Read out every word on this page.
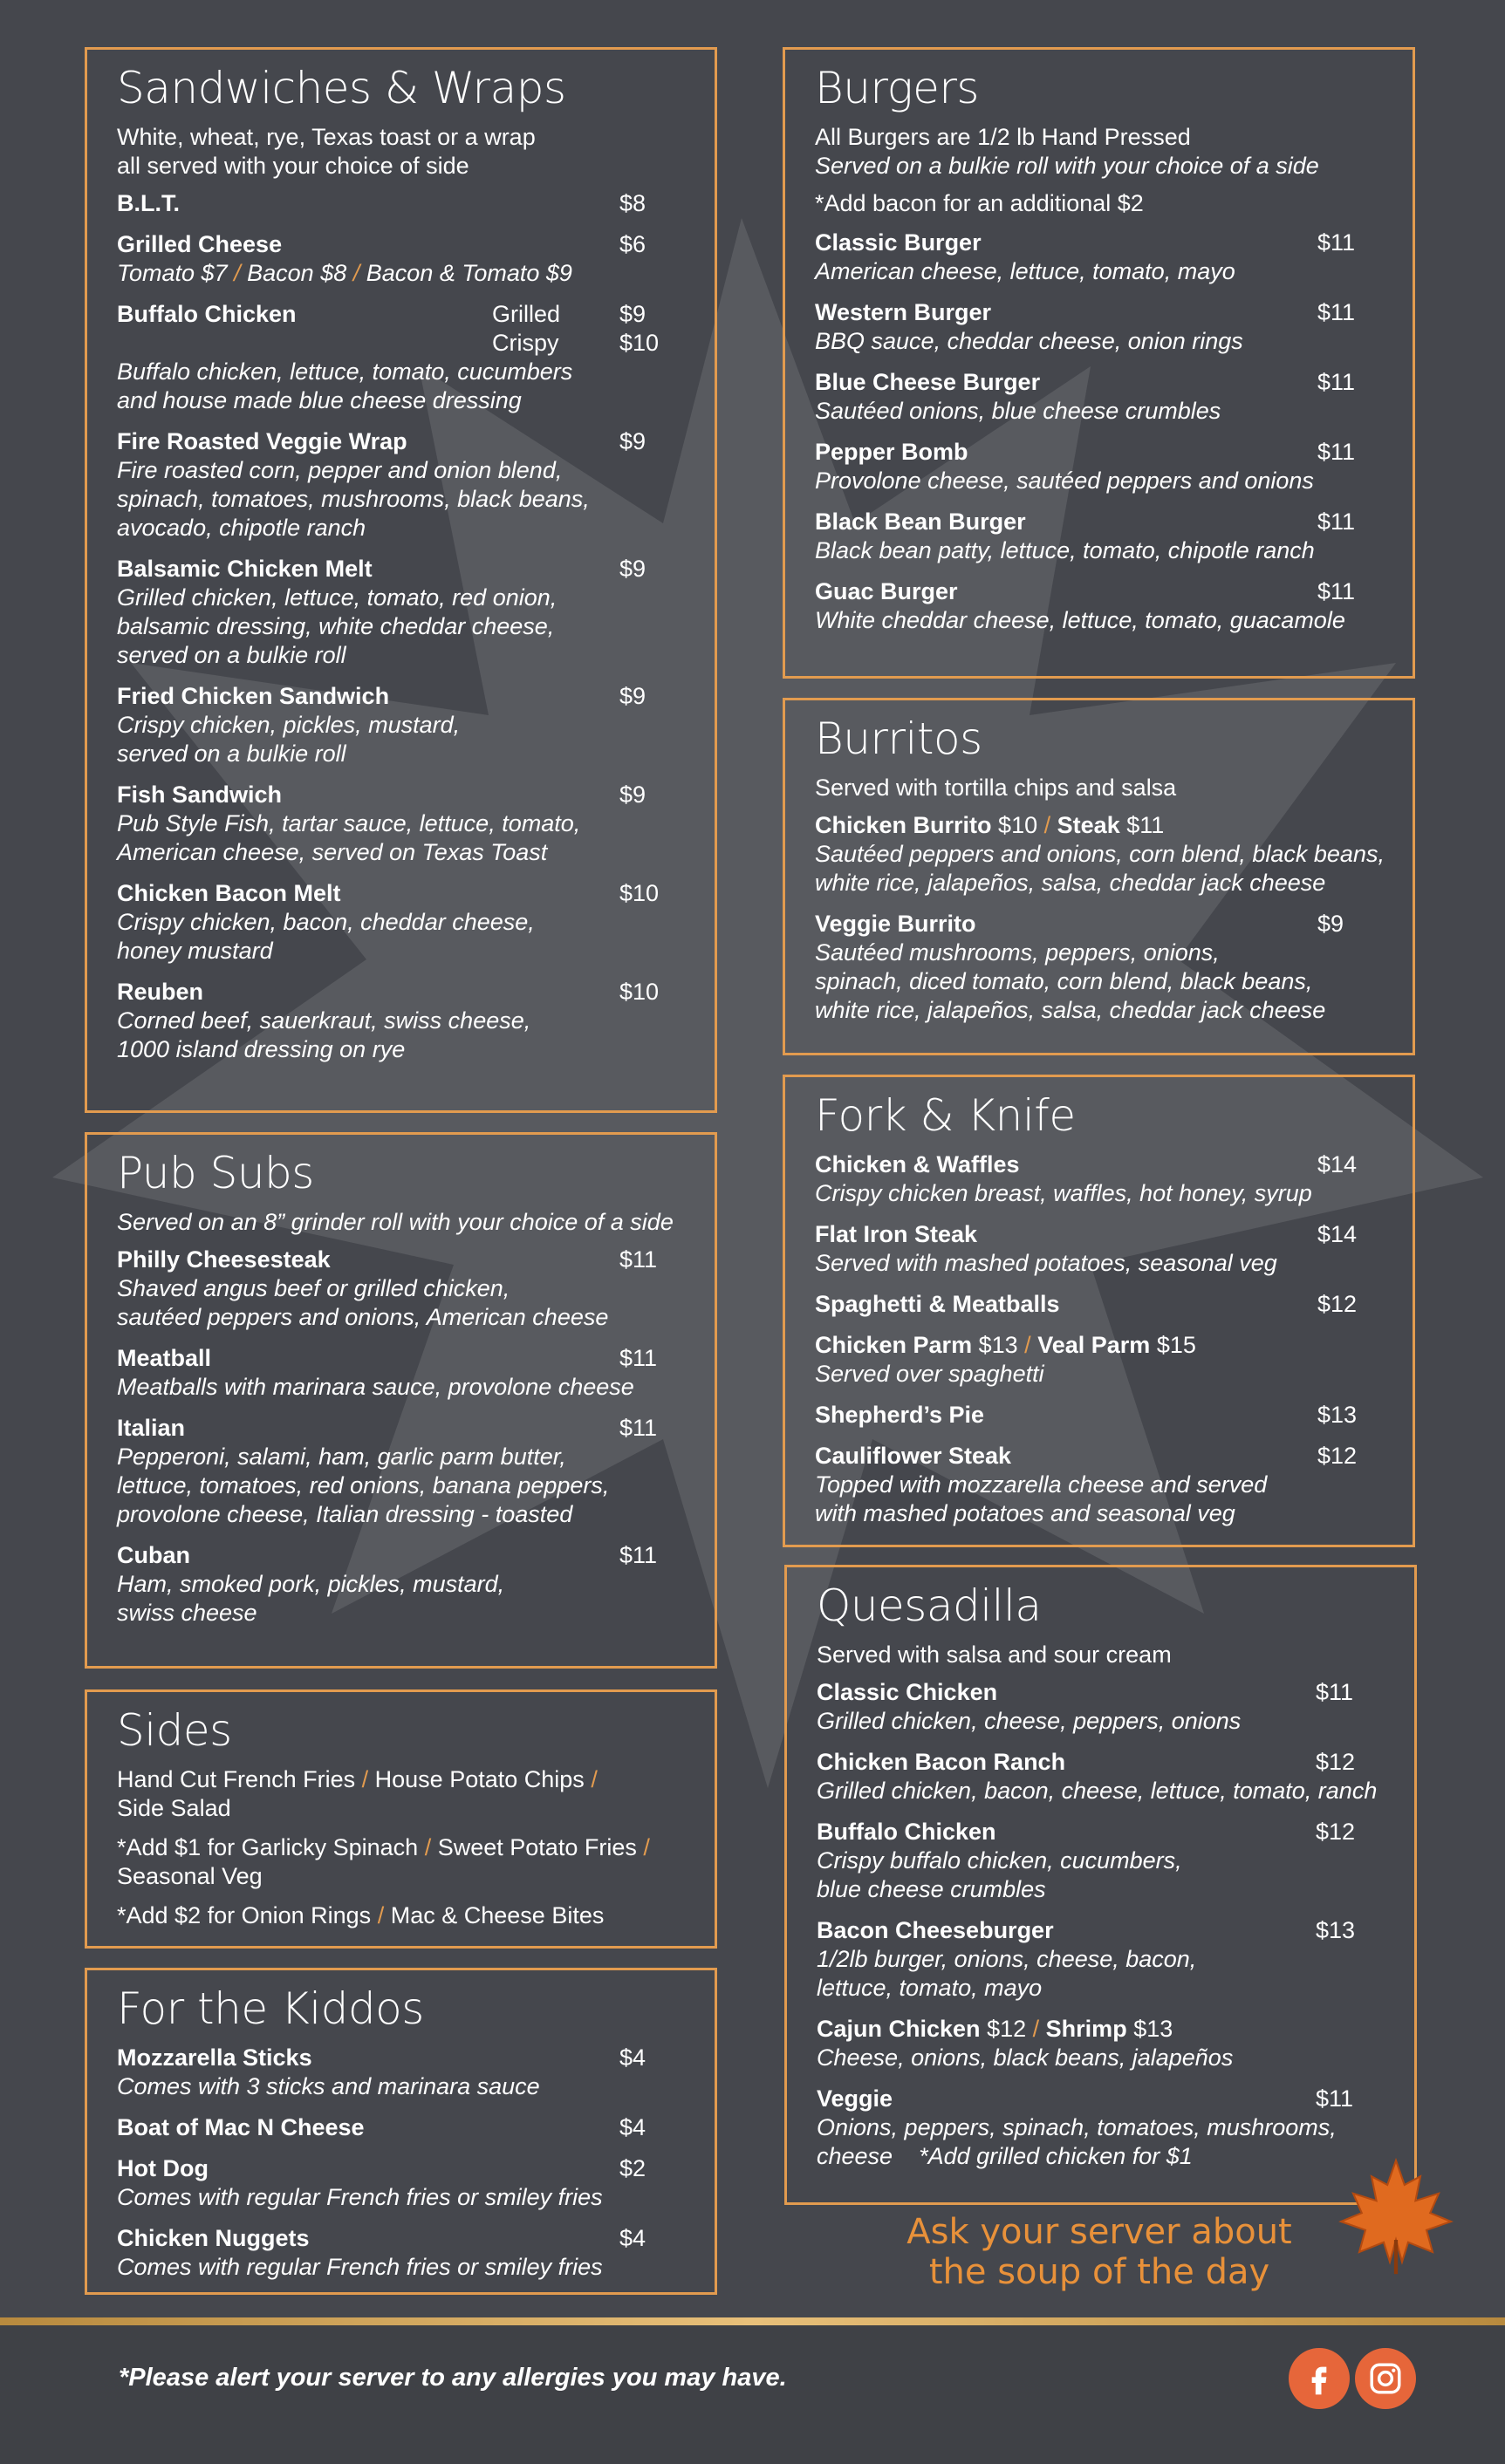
Sandwiches & Wraps
White, wheat, rye, Texas toast or a wrap
all served with your choice of side
B.L.T.	$8
Grilled Cheese	$6
Tomato $7 / Bacon $8 / Bacon & Tomato $9
Buffalo Chicken	Grilled	$9
Crispy	$10
Buffalo chicken, lettuce, tomato, cucumbers
and house made blue cheese dressing
Fire Roasted Veggie Wrap	$9
Fire roasted corn, pepper and onion blend,
spinach, tomatoes, mushrooms, black beans,
avocado, chipotle ranch
Balsamic Chicken Melt	$9
Grilled chicken, lettuce, tomato, red onion,
balsamic dressing, white cheddar cheese,
served on a bulkie roll
Fried Chicken Sandwich	$9
Crispy chicken, pickles, mustard,
served on a bulkie roll
Fish Sandwich	$9
Pub Style Fish, tartar sauce, lettuce, tomato,
American cheese, served on Texas Toast
Chicken Bacon Melt	$10
Crispy chicken, bacon, cheddar cheese,
honey mustard
Reuben	$10
Corned beef, sauerkraut, swiss cheese,
1000 island dressing on rye
Pub Subs
Served on an 8” grinder roll with your choice of a side
Philly Cheesesteak	$11
Shaved angus beef or grilled chicken,
sautéed peppers and onions, American cheese
Meatball	$11
Meatballs with marinara sauce, provolone cheese
Italian	$11
Pepperoni, salami, ham, garlic parm butter,
lettuce, tomatoes, red onions, banana peppers,
provolone cheese, Italian dressing - toasted
Cuban	$11
Ham, smoked pork, pickles, mustard,
swiss cheese
Sides
Hand Cut French Fries / House Potato Chips /
Side Salad
*Add $1 for Garlicky Spinach / Sweet Potato Fries /
Seasonal Veg
*Add $2 for Onion Rings / Mac & Cheese Bites
For the Kiddos
Mozzarella Sticks	$4
Comes with 3 sticks and marinara sauce
Boat of Mac N Cheese	$4
Hot Dog	$2
Comes with regular French fries or smiley fries
Chicken Nuggets	$4
Comes with regular French fries or smiley fries
Burgers
All Burgers are 1/2 lb Hand Pressed
Served on a bulkie roll with your choice of a side
*Add bacon for an additional $2
Classic Burger	$11
American cheese, lettuce, tomato, mayo
Western Burger	$11
BBQ sauce, cheddar cheese, onion rings
Blue Cheese Burger	$11
Sautéed onions, blue cheese crumbles
Pepper Bomb	$11
Provolone cheese, sautéed peppers and onions
Black Bean Burger	$11
Black bean patty, lettuce, tomato, chipotle ranch
Guac Burger	$11
White cheddar cheese, lettuce, tomato, guacamole
Burritos
Served with tortilla chips and salsa
Chicken Burrito $10 / Steak $11
Sautéed peppers and onions, corn blend, black beans,
white rice, jalapeños, salsa, cheddar jack cheese
Veggie Burrito	$9
Sautéed mushrooms, peppers, onions,
spinach, diced tomato, corn blend, black beans,
white rice, jalapeños, salsa, cheddar jack cheese
Fork & Knife
Chicken & Waffles	$14
Crispy chicken breast, waffles, hot honey, syrup
Flat Iron Steak	$14
Served with mashed potatoes, seasonal veg
Spaghetti & Meatballs	$12
Chicken Parm $13 / Veal Parm $15
Served over spaghetti
Shepherd’s Pie	$13
Cauliflower Steak	$12
Topped with mozzarella cheese and served
with mashed potatoes and seasonal veg
Quesadilla
Served with salsa and sour cream
Classic Chicken	$11
Grilled chicken, cheese, peppers, onions
Chicken Bacon Ranch	$12
Grilled chicken, bacon, cheese, lettuce, tomato, ranch
Buffalo Chicken	$12
Crispy buffalo chicken, cucumbers,
blue cheese crumbles
Bacon Cheeseburger	$13
1/2lb burger, onions, cheese, bacon,
lettuce, tomato, mayo
Cajun Chicken $12 / Shrimp $13
Cheese, onions, black beans, jalapeños
Veggie	$11
Onions, peppers, spinach, tomatoes, mushrooms,
cheese *Add grilled chicken for $1
Ask your server about
the soup of the day
*Please alert your server to any allergies you may have.
